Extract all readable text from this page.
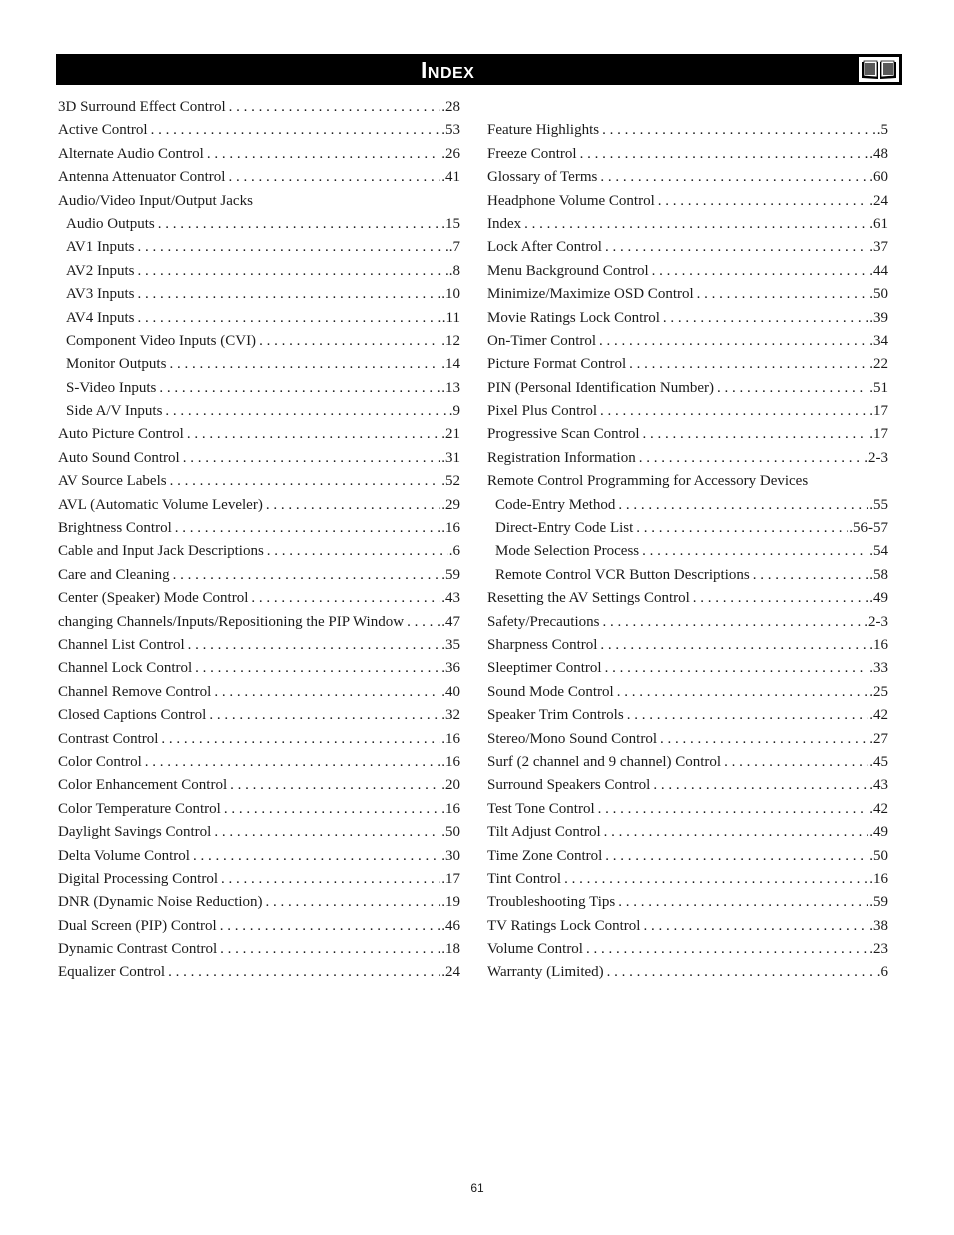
Index
3D Surround Effect Control . . .	.28
Active Control . . .	.53
Alternate Audio Control . . .	.26
Antenna Attenuator Control . . .	.41
Audio/Video Input/Output Jacks
Audio Outputs . . .	.15
AV1 Inputs . . .	.7
AV2 Inputs . . .	.8
AV3 Inputs . . .	.10
AV4 Inputs . . .	.11
Component Video Inputs (CVI) . . .	.12
Monitor Outputs . . .	.14
S-Video Inputs . . .	.13
Side A/V Inputs . . .	.9
Auto Picture Control . . .	.21
Auto Sound Control . . .	.31
AV Source Labels . . .	.52
AVL (Automatic Volume Leveler) . . .	.29
Brightness Control . . .	.16
Cable and Input Jack Descriptions . . .	.6
Care and Cleaning . . .	.59
Center (Speaker) Mode Control . . .	.43
changing Channels/Inputs/Repositioning the PIP Window . . . .47
Channel List Control . . .	.35
Channel Lock Control . . .	.36
Channel Remove Control . . .	.40
Closed Captions Control . . .	.32
Contrast Control . . .	.16
Color Control . . .	.16
Color Enhancement Control . . .	.20
Color Temperature Control . . .	.16
Daylight Savings Control . . .	.50
Delta Volume Control . . .	.30
Digital Processing Control . . .	.17
DNR (Dynamic Noise Reduction) . . .	.19
Dual Screen (PIP) Control . . .	.46
Dynamic Contrast Control . . .	.18
Equalizer Control . . .	.24
Feature Highlights . . .	.5
Freeze Control . . .	.48
Glossary of Terms . . .	.60
Headphone Volume Control . . .	.24
Index . . .	.61
Lock After Control . . .	.37
Menu Background Control . . .	.44
Minimize/Maximize OSD Control . . .	.50
Movie Ratings Lock Control . . .	.39
On-Timer Control . . .	.34
Picture Format Control . . .	.22
PIN (Personal Identification Number) . . .	.51
Pixel Plus Control . . .	.17
Progressive Scan Control . . .	.17
Registration Information . . .	.2-3
Remote Control Programming for Accessory Devices
Code-Entry Method . . .	.55
Direct-Entry Code List . . .	.56-57
Mode Selection Process . . .	.54
Remote Control VCR Button Descriptions . . .	.58
Resetting the AV Settings Control . . .	.49
Safety/Precautions . . .	.2-3
Sharpness Control . . .	.16
Sleeptimer Control . . .	.33
Sound Mode Control . . .	.25
Speaker Trim Controls . . .	.42
Stereo/Mono Sound Control . . .	.27
Surf (2 channel and 9 channel) Control . . .	.45
Surround Speakers Control . . .	.43
Test Tone Control . . .	.42
Tilt Adjust Control . . .	.49
Time Zone Control . . .	.50
Tint Control . . .	.16
Troubleshooting Tips . . .	.59
TV Ratings Lock Control . . .	.38
Volume Control . . .	.23
Warranty (Limited) . . .	.6
61
